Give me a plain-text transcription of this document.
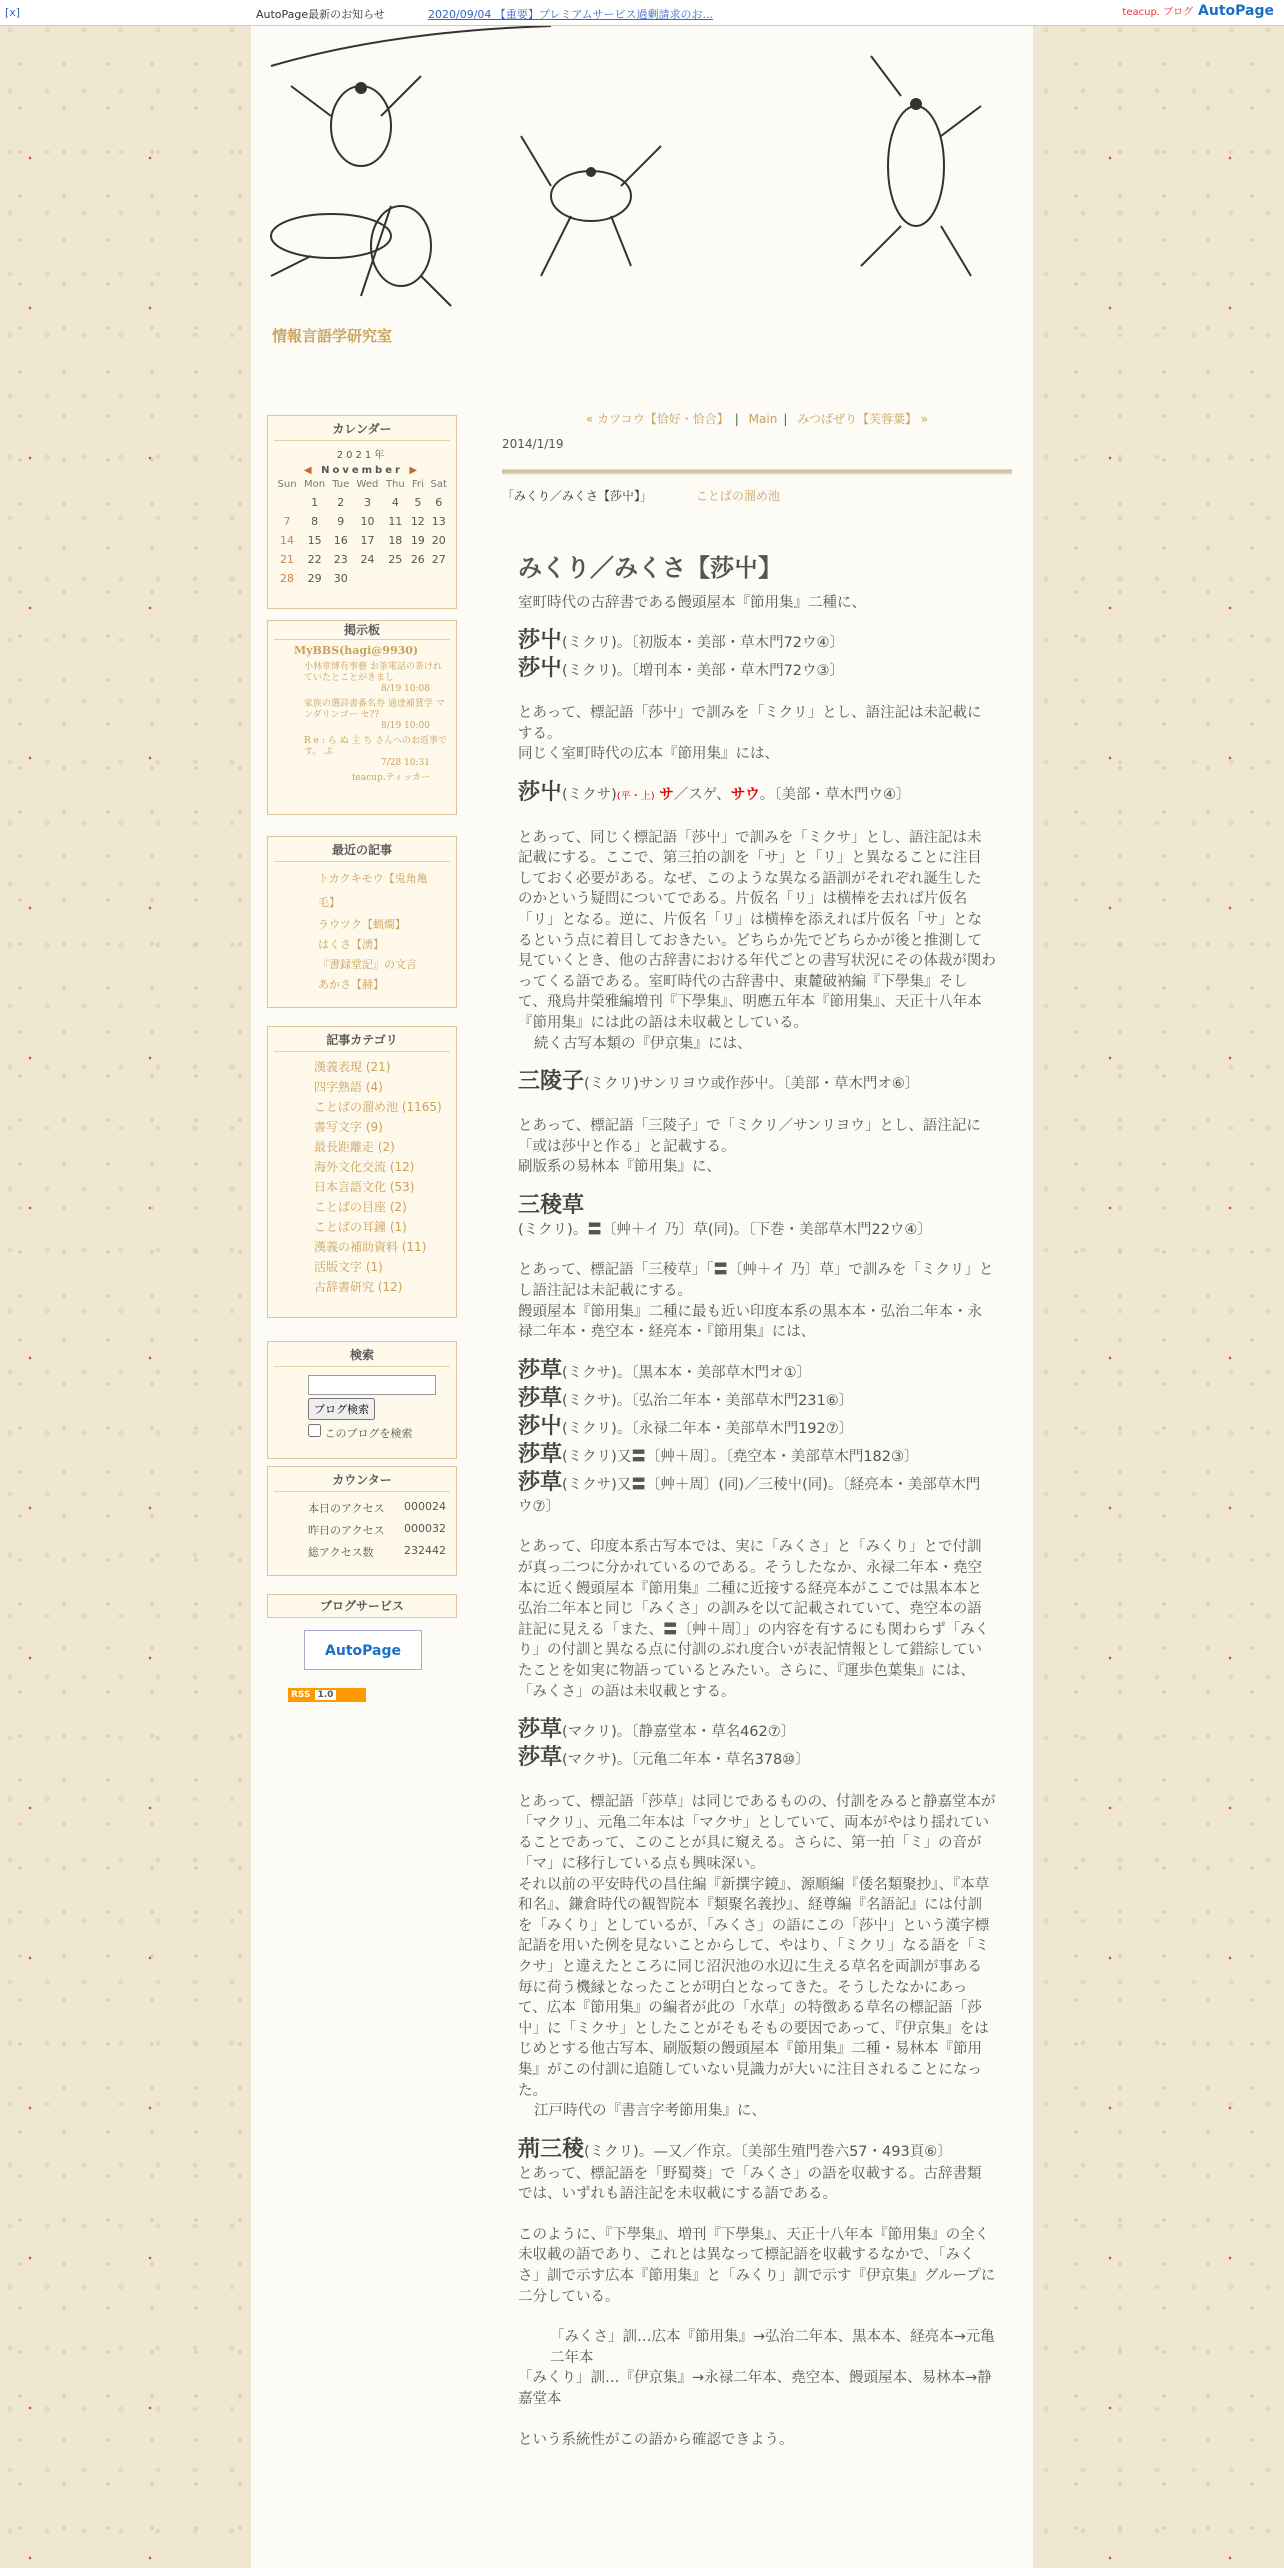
[x]	AutoPage最新のお知らせ	2020/09/04 【重要】プレミアムサービス過剰請求のお...	teacup. ブログ AutoPage
情報言語学研究室
カレンダー
2021年
◀ November ▶
Sun	Mon	Tue	Wed	Thu	Fri	Sat
	1	2	3	4	5	6
7	8	9	10	11	12	13
14	15	16	17	18	19	20
21	22	23	24	25	26	27
28	29	30				
掲示板
MyBBS(hagi@9930)
小林章博有事藝 お茶電話の茶けれていたとことがきまし
8/19 10:08
家族の選詩書番名券 通達補賃学 マンダリンゴー セ??
8/19 10:00
R e : ら ぬ 主 ち さんへのお返事です。 ぷ
7/28 10:31
teacup.ティッカー
最近の記事
トカクキモウ【兎角亀毛】
ラウツク【蝋燭】
はくさ【湧】
『書録堂記』の文言
あかさ【赫】
記事カテゴリ
漢義表現 (21)
四字熟語 (4)
ことばの溜め池 (1165)
書写文字 (9)
最長距離走 (2)
海外文化交流 (12)
日本言語文化 (53)
ことばの目座 (2)
ことばの耳鐘 (1)
漢義の補助資料 (11)
活版文字 (1)
古辞書研究 (12)
検索
ブログ検索
このブログを検索
カウンター
本日のアクセス	000024
昨日のアクセス	000032
総アクセス数	232442
ブログサービス
AutoPage
RSS 1.0
« カツコウ【恰好・恰合】 | Main | みつばぜり【芙蓉葉】 »
2014/1/19
「みくり／みくさ【莎屮】」	ことばの溜め池
みくり／みくさ【莎屮】

室町時代の古辞書である饅頭屋本『節用集』二種に、

莎屮(ミクリ)。〔初版本・美部・草木門72ウ④〕

莎屮(ミクリ)。〔増刊本・美部・草木門72ウ③〕

とあって、標記語「莎屮」で訓みを「ミクリ」とし、語注記は未記載にする。

同じく室町時代の広本『節用集』には、

莎屮(ミクサ)(平・上) サ／スゲ、サウ。〔美部・草木門ウ④〕

とあって、同じく標記語「莎屮」で訓みを「ミクサ」とし、語注記は未記載にする。ここで、第三拍の訓を「サ」と「リ」と異なることに注目しておく必要がある。なぜ、このような異なる語訓がそれぞれ誕生したのかという疑問についてである。片仮名「リ」は横棒を去れば片仮名「リ」となる。逆に、片仮名「リ」は横棒を添えれば片仮名「サ」となるという点に着目しておきたい。どちらか先でどちらかが後と推測して見ていくとき、他の古辞書における年代ごとの書写状況にその体裁が関わってくる語である。室町時代の古辞書中、東麓破衲編『下學集』そして、飛鳥井榮雅編増刊『下學集』、明應五年本『節用集』、天正十八年本『節用集』には此の語は未収載としている。

続く古写本類の『伊京集』には、

三陵子(ミクリ)サンリヨウ或作莎屮。〔美部・草木門オ⑥〕

とあって、標記語「三陵子」で「ミクリ／サンリヨウ」とし、語注記に「或は莎屮と作る」と記載する。

刷版系の易林本『節用集』に、

三稜草(ミクリ)。〓〔艸＋イ 乃〕草(同)。〔下巻・美部草木門22ウ④〕

とあって、標記語「三稜草」「〓〔艸＋イ 乃〕草」で訓みを「ミクリ」とし語注記は未記載にする。

饅頭屋本『節用集』二種に最も近い印度本系の黒本本・弘治二年本・永禄二年本・堯空本・経亮本・『節用集』には、

莎草(ミクサ)。〔黒本本・美部草木門オ①〕

莎草(ミクサ)。〔弘治二年本・美部草木門231⑥〕

莎屮(ミクリ)。〔永禄二年本・美部草木門192⑦〕

莎草(ミクリ)又〓〔艸＋周〕。〔堯空本・美部草木門182③〕

莎草(ミクサ)又〓〔艸＋周〕(同)／三稜屮(同)。〔経亮本・美部草木門　ウ⑦〕

とあって、印度本系古写本では、実に「みくさ」と「みくり」とで付訓が真っ二つに分かれているのである。そうしたなか、永禄二年本・堯空本に近く饅頭屋本『節用集』二種に近接する経亮本がここでは黒本本と弘治二年本と同じ「みくさ」の訓みを以て記載されていて、堯空本の語註記に見える「また、〓〔艸＋周〕」の内容を有するにも関わらず「みくり」の付訓と異なる点に付訓のぶれ度合いが表記情報として錯綜していたことを如実に物語っているとみたい。さらに、『運歩色葉集』には、「みくさ」の語は未収載とする。

莎草(マクリ)。〔静嘉堂本・草名462⑦〕

莎草(マクサ)。〔元亀二年本・草名378⑩〕

とあって、標記語「莎草」は同じであるものの、付訓をみると静嘉堂本が「マクリ」、元亀二年本は「マクサ」としていて、両本がやはり揺れていることであって、このことが具に窺える。さらに、第一拍「ミ」の音が「マ」に移行している点も興味深い。

それ以前の平安時代の昌住編『新撰字鏡』、源順編『倭名類聚抄』、『本草和名』、鎌倉時代の観智院本『類聚名義抄』、経尊編『名語記』には付訓を「みくり」としているが、「みくさ」の語にこの「莎屮」という漢字標記語を用いた例を見ないことからして、やはり、「ミクリ」なる語を「ミクサ」と違えたところに同じ沼沢池の水辺に生える草名を両訓が事ある毎に荷う機縁となったことが明白となってきた。そうしたなかにあって、広本『節用集』の編者が此の「水草」の特徴ある草名の標記語「莎屮」に「ミクサ」としたことがそもそもの要因であって、『伊京集』をはじめとする他古写本、刷版類の饅頭屋本『節用集』二種・易林本『節用集』がこの付訓に追随していない見識力が大いに注目されることになった。

江戸時代の『書言字考節用集』に、

荊三稜(ミクリ)。—又／作京。〔美部生殖門巻六57・493頁⑥〕

とあって、標記語を「野蜀葵」で「みくさ」の語を収載する。古辞書類では、いずれも語注記を未収載にする語である。

このように、『下學集』、増刊『下學集』、天正十八年本『節用集』の全く未収載の語であり、これとは異なって標記語を収載するなかで、「みくさ」訓で示す広本『節用集』と「みくり」訓で示す『伊京集』グループに二分している。

「みくさ」訓…広本『節用集』→弘治二年本、黒本本、経亮本→元亀二年本

「みくり」訓…『伊京集』→永禄二年本、堯空本、饅頭屋本、易林本→静嘉堂本

という系統性がこの語から確認できよう。
